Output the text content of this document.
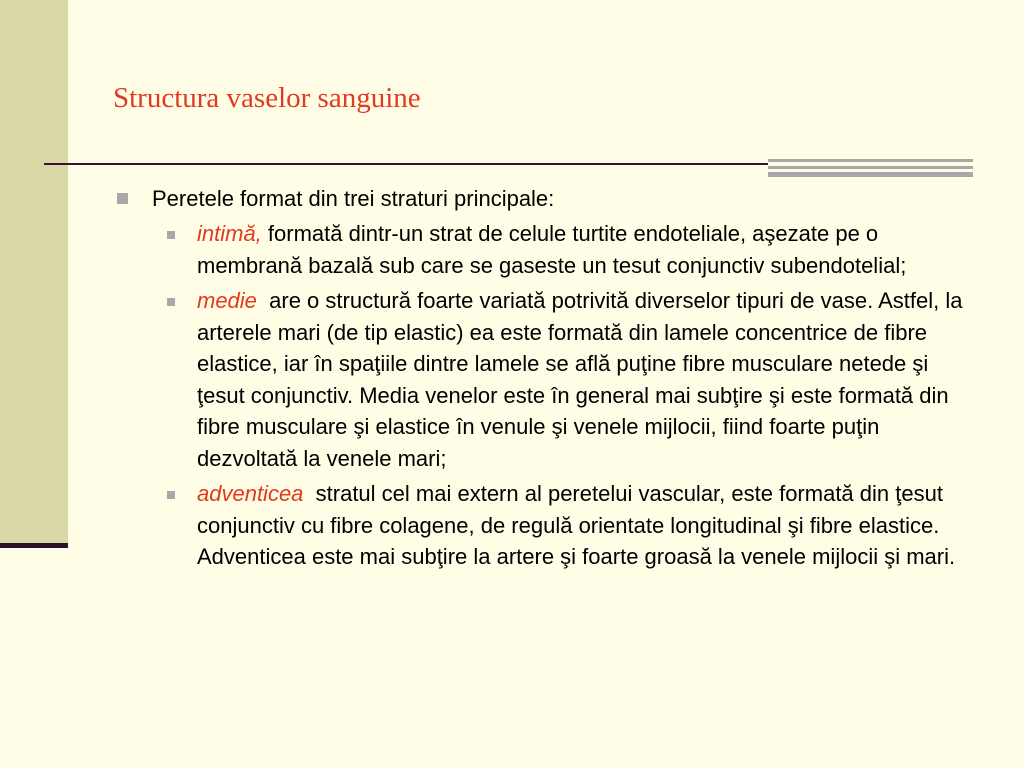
Structura vaselor sanguine
Peretele format din trei straturi principale:
intimă, formată dintr-un strat de celule turtite endoteliale, aşezate pe o membrană bazală sub care se gaseste un tesut conjunctiv subendotelial;
medie  are o structură foarte variată potrivită diverselor tipuri de vase. Astfel, la arterele mari (de tip elastic) ea este formată din lamele concentrice de fibre elastice, iar în spaţiile dintre lamele se află puţine fibre musculare netede şi ţesut conjunctiv. Media venelor este în general mai subţire şi este formată din fibre musculare şi elastice în venule şi venele mijlocii, fiind foarte puţin dezvoltată la venele mari;
adventicea  stratul cel mai extern al peretelui vascular, este formată din ţesut conjunctiv cu fibre colagene, de regulă orientate longitudinal şi fibre elastice. Adventicea este mai subţire la artere şi foarte groasă la venele mijlocii şi mari.
